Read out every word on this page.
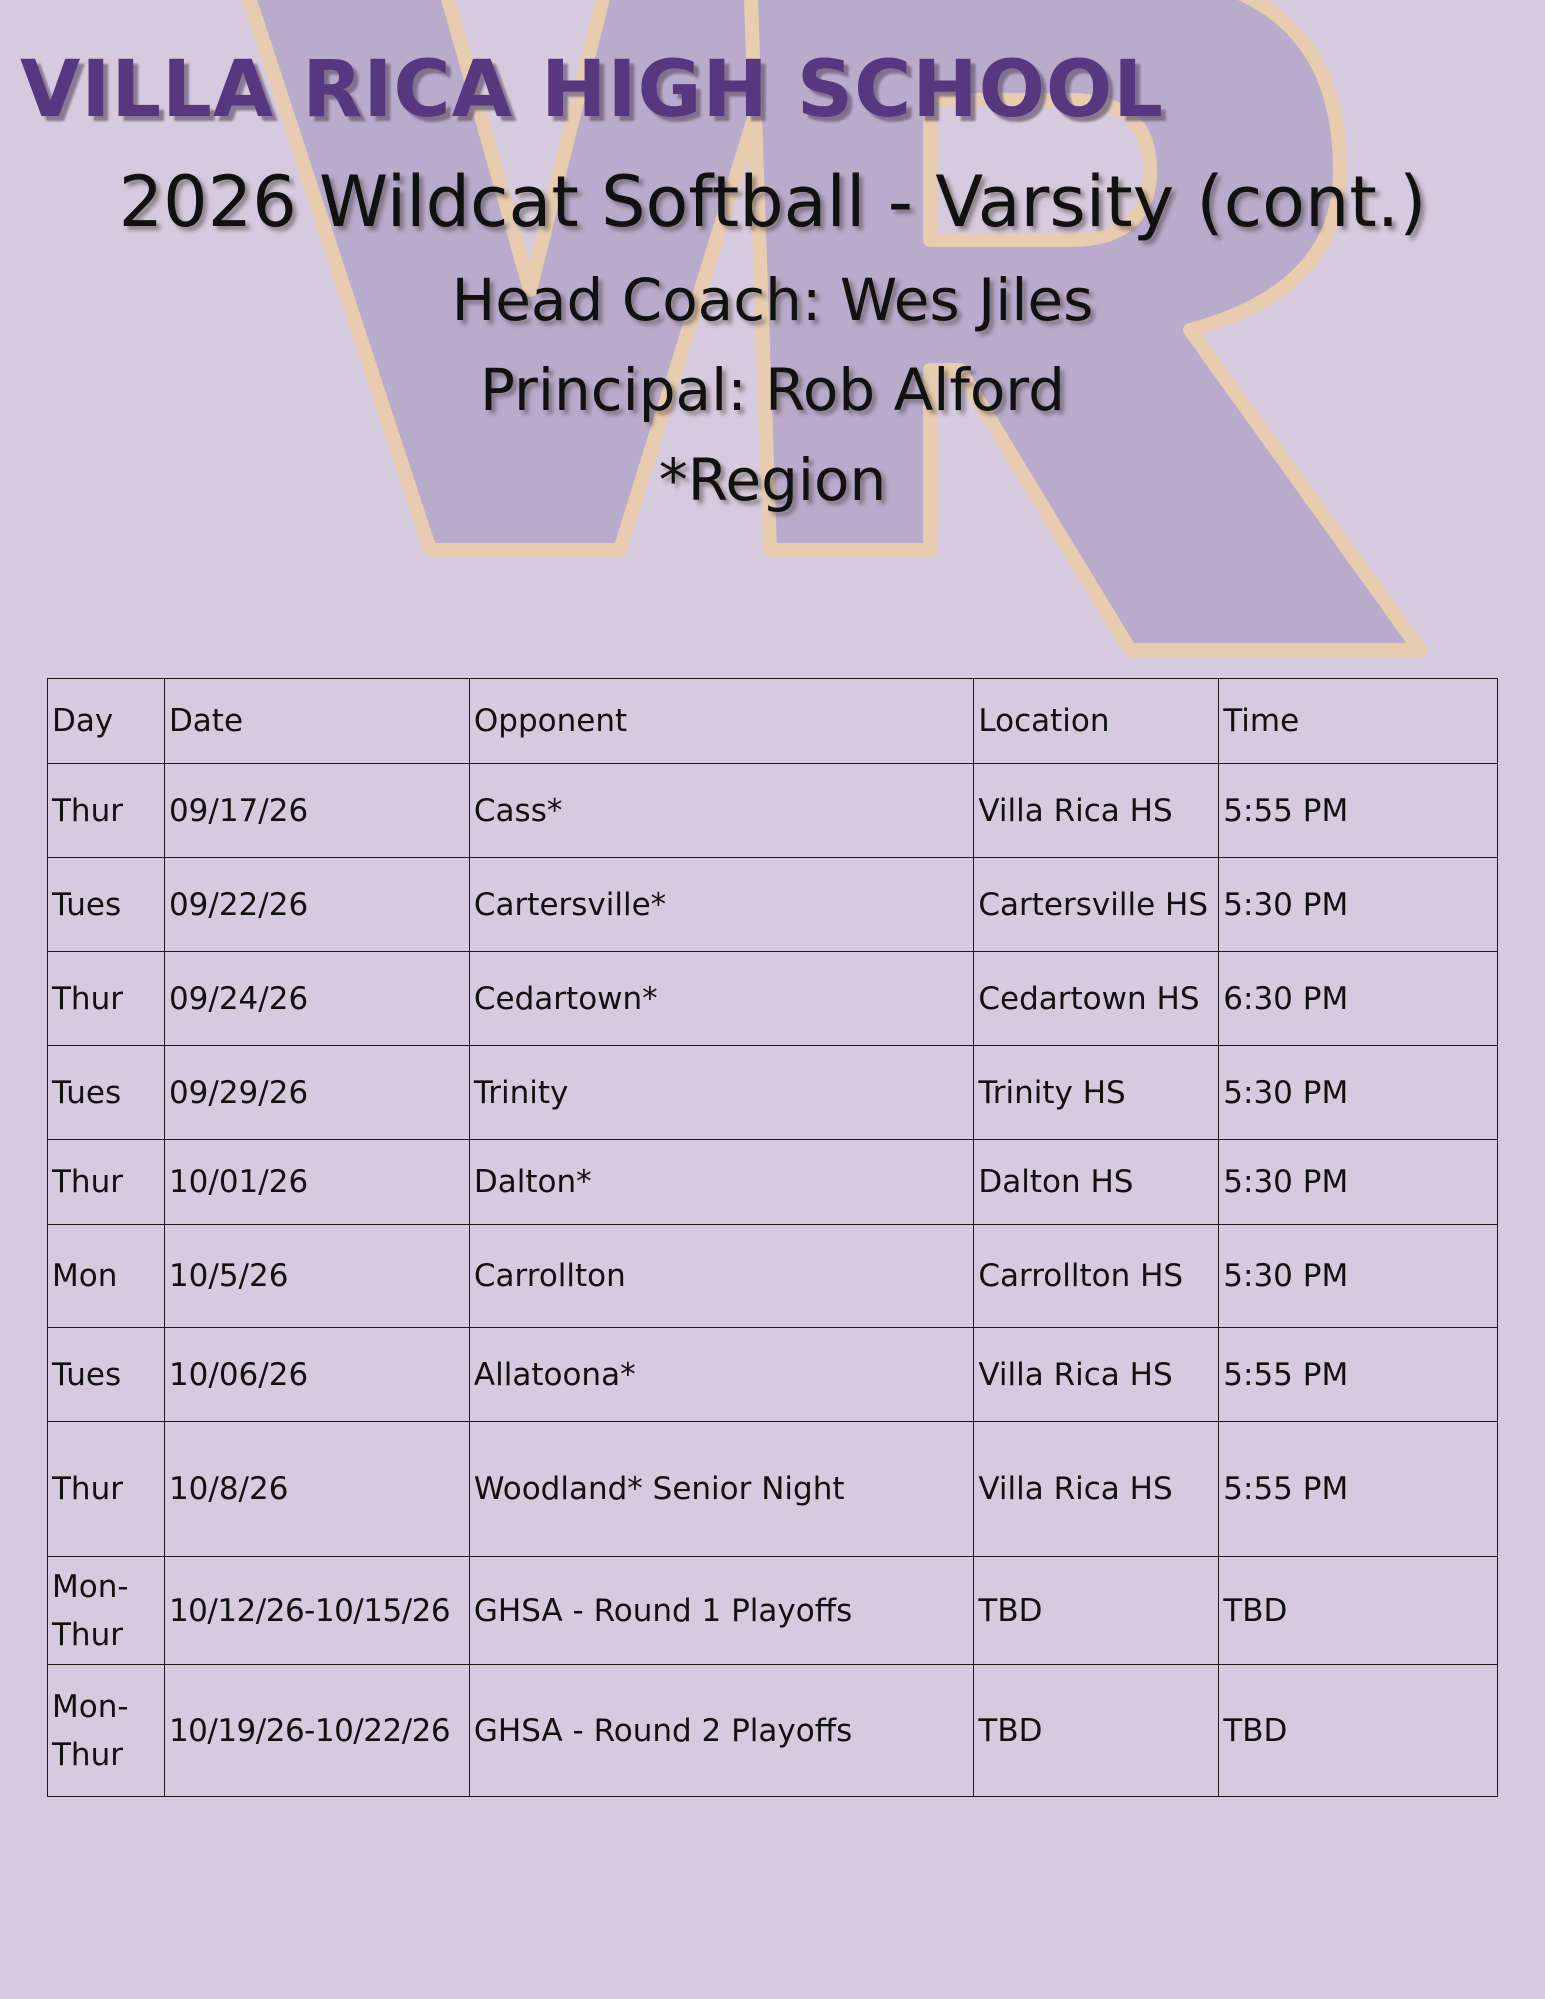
VILLA RICA HIGH SCHOOL
2026 Wildcat Softball - Varsity (cont.)

Head Coach: Wes Jiles

Principal: Rob Alford

*Region

Day	Date	Opponent	Location	Time
Thur	09/17/26	Cass*	Villa Rica HS	5:55 PM
Tues	09/22/26	Cartersville*	Cartersville HS	5:30 PM
Thur	09/24/26	Cedartown*	Cedartown HS	6:30 PM
Tues	09/29/26	Trinity	Trinity HS	5:30 PM
Thur	10/01/26	Dalton*	Dalton HS	5:30 PM
Mon	10/5/26	Carrollton	Carrollton HS	5:30 PM
Tues	10/06/26	Allatoona*	Villa Rica HS	5:55 PM
Thur	10/8/26	Woodland* Senior Night	Villa Rica HS	5:55 PM
Mon-Thur	10/12/26-10/15/26	GHSA - Round 1 Playoffs	TBD	TBD
Mon-Thur	10/19/26-10/22/26	GHSA - Round 2 Playoffs	TBD	TBD
